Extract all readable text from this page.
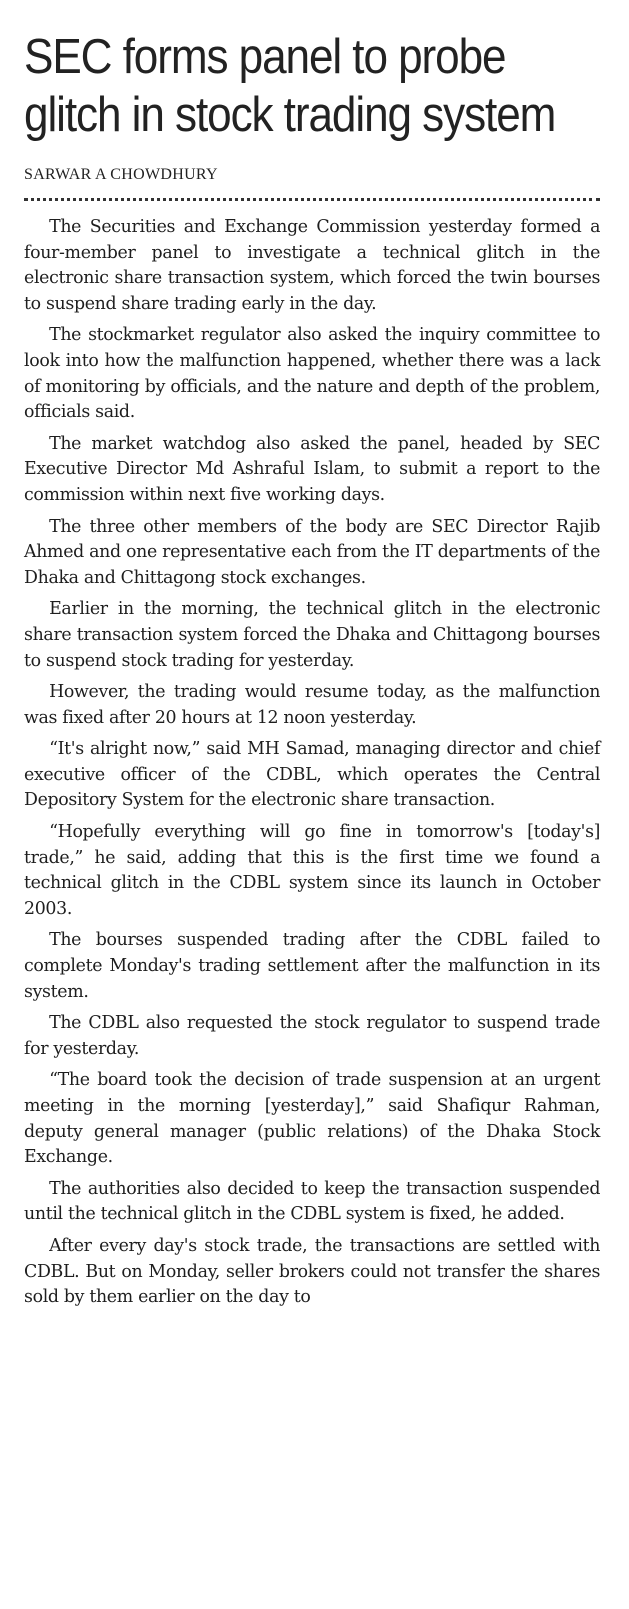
SEC forms panel to probe glitch in stock trading system
SARWAR A CHOWDHURY

The Securities and Exchange Commission yesterday formed a four-member panel to investigate a technical glitch in the electronic share transaction system, which forced the twin bourses to suspend share trading early in the day.

The stockmarket regulator also asked the inquiry committee to look into how the malfunction happened, whether there was a lack of monitoring by officials, and the nature and depth of the problem, officials said.

The market watchdog also asked the panel, headed by SEC Executive Director Md Ashraful Islam, to submit a report to the commission within next five working days.

The three other members of the body are SEC Director Rajib Ahmed and one representative each from the IT departments of the Dhaka and Chittagong stock exchanges.

Earlier in the morning, the technical glitch in the electronic share transaction system forced the Dhaka and Chittagong bourses to suspend stock trading for yesterday.

However, the trading would resume today, as the malfunction was fixed after 20 hours at 12 noon yesterday.

“It's alright now,” said MH Samad, managing director and chief executive officer of the CDBL, which operates the Central Depository System for the electronic share transaction.

“Hopefully everything will go fine in tomorrow's [today's] trade,” he said, adding that this is the first time we found a technical glitch in the CDBL system since its launch in October 2003.

The bourses suspended trading after the CDBL failed to complete Monday's trading settlement after the malfunction in its system.

The CDBL also requested the stock regulator to suspend trade for yesterday.

“The board took the decision of trade suspension at an urgent meeting in the morning [yesterday],” said Shafiqur Rahman, deputy general manager (public relations) of the Dhaka Stock Exchange.

The authorities also decided to keep the transaction suspended until the technical glitch in the CDBL system is fixed, he added.

After every day's stock trade, the transactions are settled with CDBL. But on Monday, seller brokers could not transfer the shares sold by them earlier on the day to
